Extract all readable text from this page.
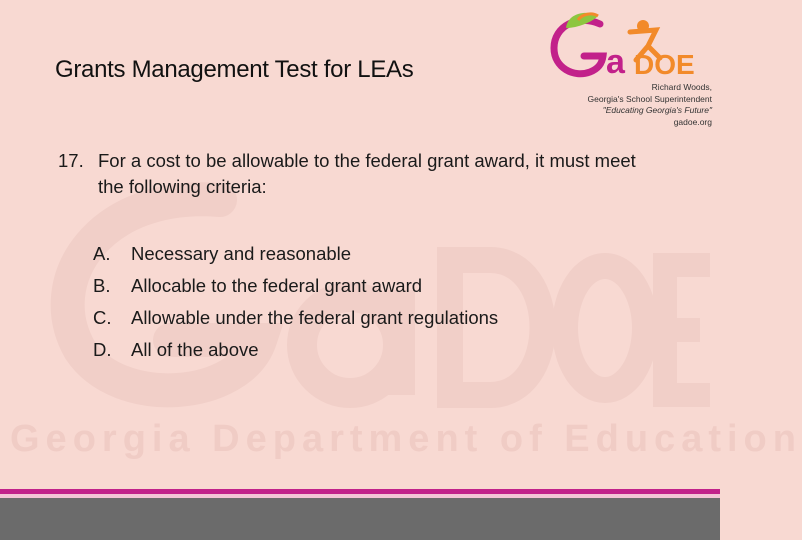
Georgia Department of Education
Grants Management Test for LEAs	a DOE
Richard Woods,
Georgia's School Superintendent
"Educating Georgia's Future"
gadoe.org
17. For a cost to be allowable to the federal grant award, it must meet the following criteria:
A.	Necessary and reasonable
B.	Allocable to the federal grant award
C.	Allowable under the federal grant regulations
D.	All of the above
